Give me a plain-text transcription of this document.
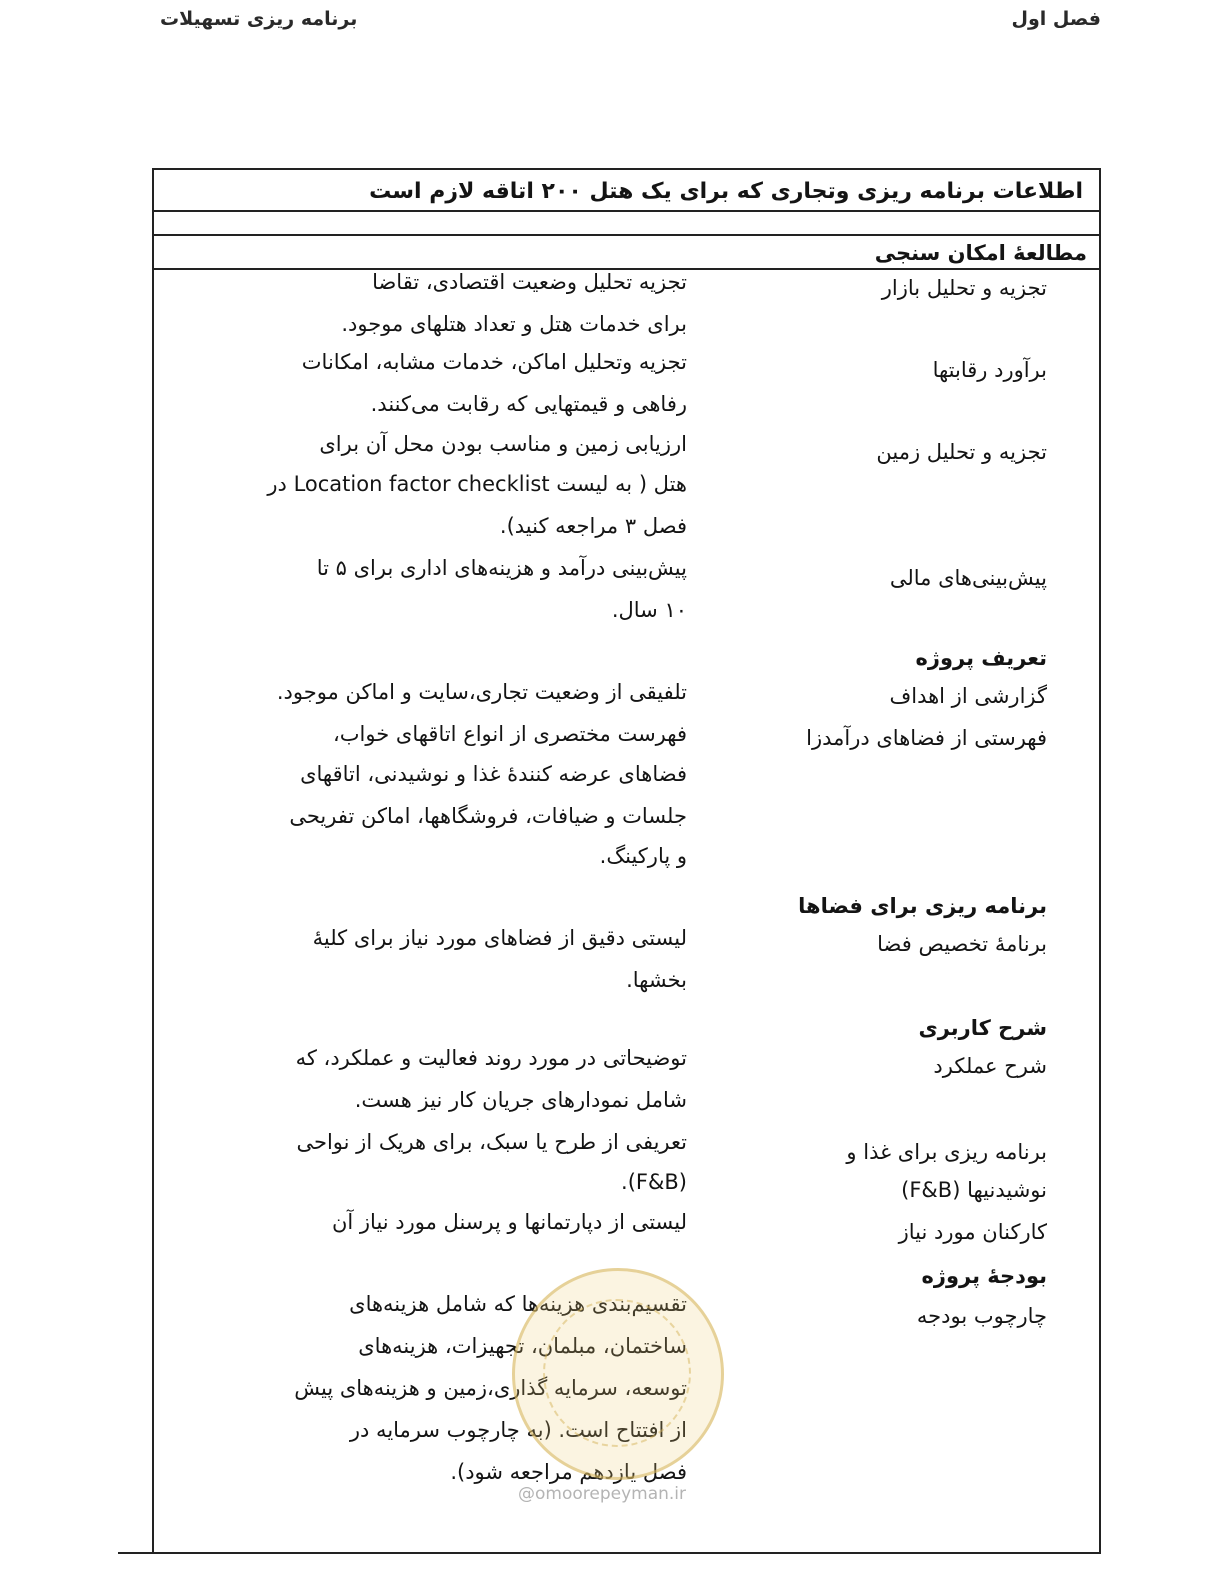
برنامه ریزی تسهیلات	فصل اول
اطلاعات برنامه ریزی وتجاری که برای یک هتل ۲۰۰ اتاقه لازم است
مطالعهٔ امکان سنجی
تجزیه و تحلیل بازار
تجزیه تحلیل وضعیت اقتصادی، تقاضا
برای خدمات هتل و تعداد هتلهای موجود.
برآورد رقابتها
تجزیه وتحلیل اماکن، خدمات مشابه، امکانات
رفاهی و قیمتهایی که رقابت می‌کنند.
تجزیه و تحلیل زمین
ارزیابی زمین و مناسب بودن محل آن برای
هتل ( به لیست Location factor checklist در
فصل ۳ مراجعه کنید).
پیش‌بینی‌های مالی
پیش‌بینی درآمد و هزینه‌های اداری برای ۵ تا
۱۰ سال.
تعریف پروژه
گزارشی از اهداف
فهرستی از فضاهای درآمدزا
تلفیقی از وضعیت تجاری،سایت و اماکن موجود.
فهرست مختصری از انواع اتاقهای خواب،
فضاهای عرضه کنندهٔ غذا و نوشیدنی، اتاقهای
جلسات و ضیافات، فروشگاهها، اماکن تفریحی
و پارکینگ.
برنامه ریزی برای فضاها
برنامهٔ تخصیص فضا
لیستی دقیق از فضاهای مورد نیاز برای کلیهٔ
بخشها.
شرح کاربری
شرح عملکرد
توضیحاتی در مورد روند فعالیت و عملکرد، که
شامل نمودارهای جریان کار نیز هست.
برنامه ریزی برای غذا و
نوشیدنیها (F&B)
تعریفی از طرح یا سبک، برای هریک از نواحی
(F&B).
کارکنان مورد نیاز
لیستی از دپارتمانها و پرسنل مورد نیاز آن
بودجهٔ پروژه
چارچوب بودجه
تقسیم‌بندی هزینه‌ها که شامل هزینه‌های
ساختمان، مبلمان، تجهیزات، هزینه‌های
توسعه، سرمایه گذاری،زمین و هزینه‌های پیش
از افتتاح است. (به چارچوب سرمایه در
فصل یازدهم مراجعه شود).
@omoorepeyman.ir
